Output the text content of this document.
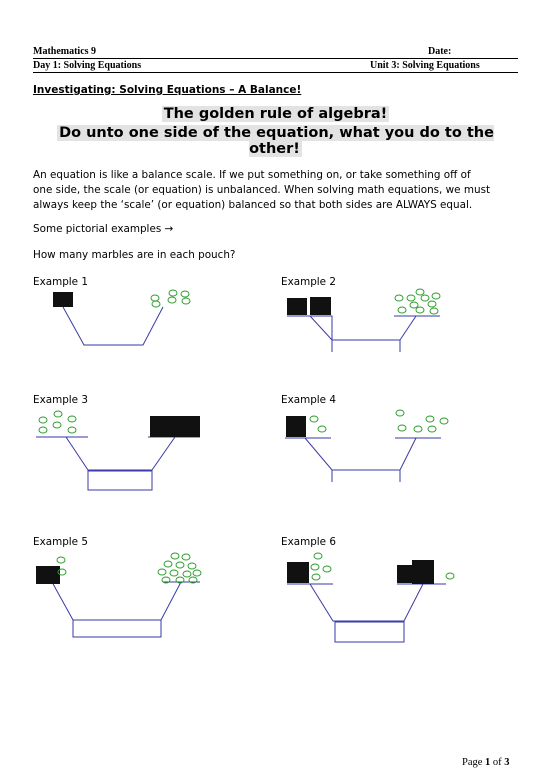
Mathematics 9	Date:
Day 1: Solving Equations	Unit 3: Solving Equations
Investigating: Solving Equations – A Balance!
The golden rule of algebra!
Do unto one side of the equation, what you do to the other!
An equation is like a balance scale. If we put something on, or take something off of
one side, the scale (or equation) is unbalanced. When solving math equations, we must
always keep the ‘scale’ (or equation) balanced so that both sides are ALWAYS equal.
Some pictorial examples →
How many marbles are in each pouch?
Example 1	Example 2
Example 3	Example 4
Example 5	Example 6
Page 1 of 3
